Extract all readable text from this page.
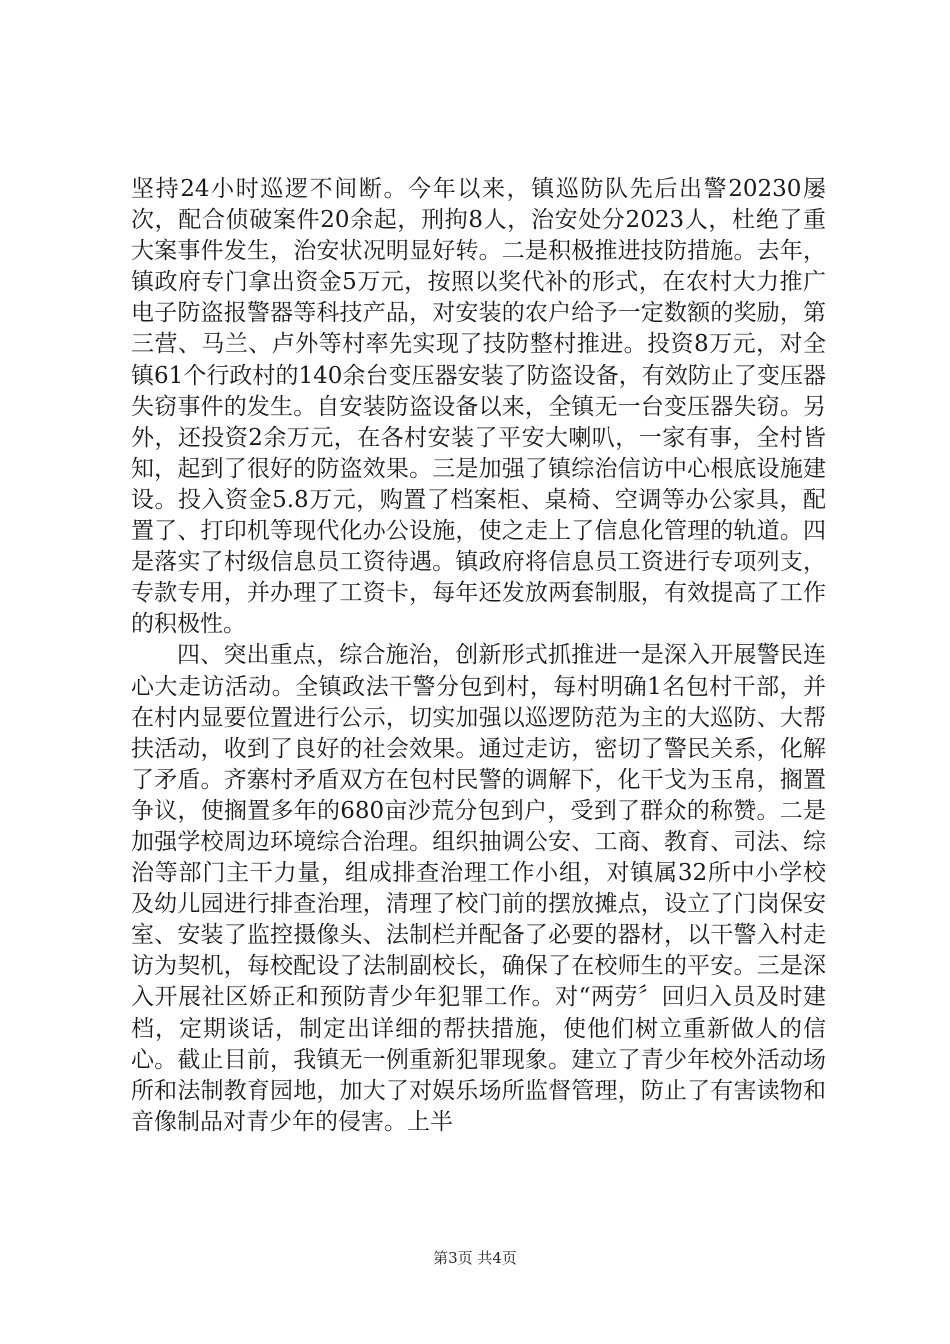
坚持24小时巡逻不间断。今年以来，镇巡防队先后出警20230屡次，配合侦破案件20余起，刑拘8人，治安处分2023人，杜绝了重大案事件发生，治安状况明显好转。二是积极推进技防措施。去年，镇政府专门拿出资金5万元，按照以奖代补的形式，在农村大力推广电子防盗报警器等科技产品，对安装的农户给予一定数额的奖励，第三营、马兰、卢外等村率先实现了技防整村推进。投资8万元，对全镇61个行政村的140余台变压器安装了防盗设备，有效防止了变压器失窃事件的发生。自安装防盗设备以来，全镇无一台变压器失窃。另外，还投资2余万元，在各村安装了平安大喇叭，一家有事，全村皆知，起到了很好的防盗效果。三是加强了镇综治信访中心根底设施建设。投入资金5.8万元，购置了档案柜、桌椅、空调等办公家具，配置了、打印机等现代化办公设施，使之走上了信息化管理的轨道。四是落实了村级信息员工资待遇。镇政府将信息员工资进行专项列支，专款专用，并办理了工资卡，每年还发放两套制服，有效提高了工作的积极性。

四、突出重点，综合施治，创新形式抓推进一是深入开展警民连心大走访活动。全镇政法干警分包到村，每村明确1名包村干部，并在村内显要位置进行公示，切实加强以巡逻防范为主的大巡防、大帮扶活动，收到了良好的社会效果。通过走访，密切了警民关系，化解了矛盾。齐寨村矛盾双方在包村民警的调解下，化干戈为玉帛，搁置争议，使搁置多年的680亩沙荒分包到户，受到了群众的称赞。二是加强学校周边环境综合治理。组织抽调公安、工商、教育、司法、综治等部门主干力量，组成排查治理工作小组，对镇属32所中小学校及幼儿园进行排查治理，清理了校门前的摆放摊点，设立了门岗保安室、安装了监控摄像头、法制栏并配备了必要的器材，以干警入村走访为契机，每校配设了法制副校长，确保了在校师生的平安。三是深入开展社区娇正和预防青少年犯罪工作。对“两劳〞回归入员及时建档，定期谈话，制定出详细的帮扶措施，使他们树立重新做人的信心。截止目前，我镇无一例重新犯罪现象。建立了青少年校外活动场所和法制教育园地，加大了对娱乐场所监督管理，防止了有害读物和音像制品对青少年的侵害。上半

第3页 共4页
